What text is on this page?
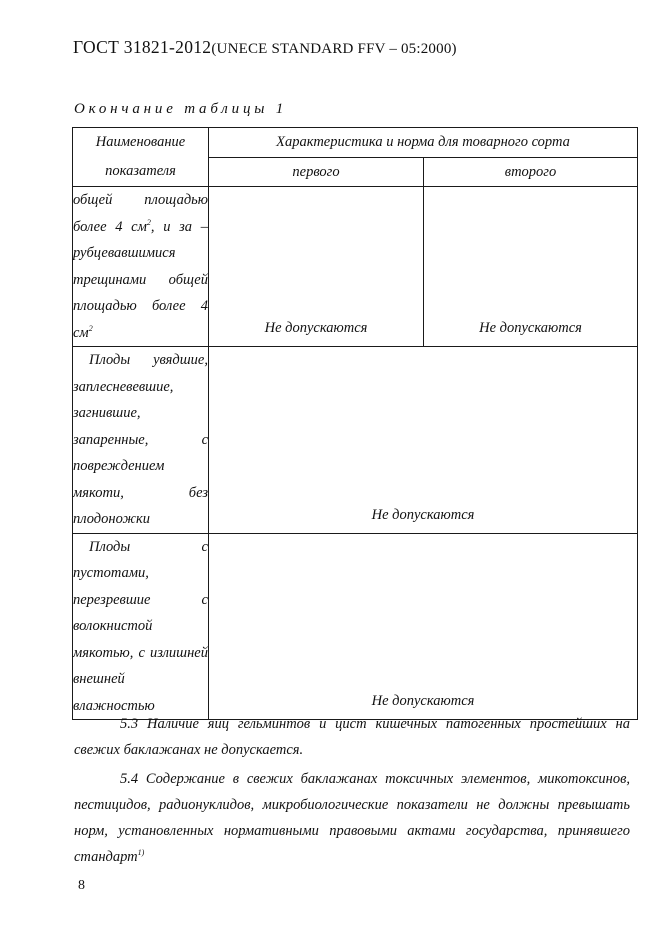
ГОСТ 31821-2012(UNECE STANDARD FFV – 05:2000)
Окончание таблицы 1
Наименование показателя	Характеристика и норма для товарного сорта	
	первого	второго

общей площадью более 4 $см^2$, и за – рубцевавшимися трещинами общей площадью более 4 $см^2$	Не допускаются	Не допускаются

Плоды увядшие, заплесневевшие, загнившие, запаренные, с повреждением мякоти, без плодоножки	Не допускаются	

Плоды с пустотами, перезревшие с волокнистой мякотью, с излишней внешней влажностью	Не допускаются	

5.3 Наличие яиц гельминтов и цист кишечных патогенных простейших на свежих баклажанах не допускается.

5.4 Содержание в свежих баклажанах токсичных элементов, микотоксинов, пестицидов, радионуклидов, микробиологические показатели не должны превышать норм, установленных нормативными правовыми актами государства, принявшего стандарт$^{1)}$

8
